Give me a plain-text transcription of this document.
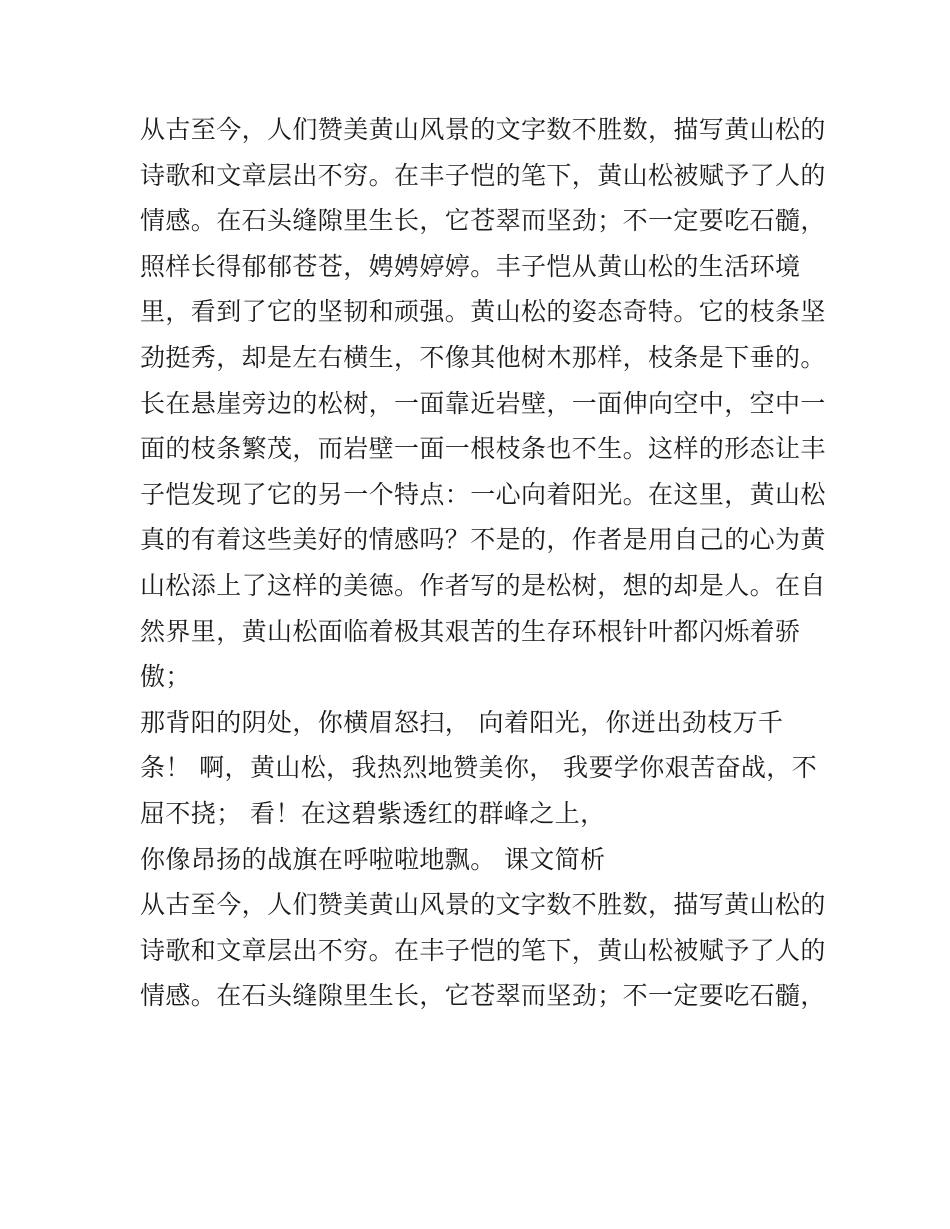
从古至今，人们赞美黄山风景的文字数不胜数，描写黄山松的
诗歌和文章层出不穷。在丰子恺的笔下，黄山松被赋予了人的
情感。在石头缝隙里生长，它苍翠而坚劲；不一定要吃石髓，
照样长得郁郁苍苍，娉娉婷婷。丰子恺从黄山松的生活环境
里，看到了它的坚韧和顽强。黄山松的姿态奇特。它的枝条坚
劲挺秀，却是左右横生，不像其他树木那样，枝条是下垂的。
长在悬崖旁边的松树，一面靠近岩壁，一面伸向空中，空中一
面的枝条繁茂，而岩壁一面一根枝条也不生。这样的形态让丰
子恺发现了它的另一个特点：一心向着阳光。在这里，黄山松
真的有着这些美好的情感吗？不是的，作者是用自己的心为黄
山松添上了这样的美德。作者写的是松树，想的却是人。在自
然界里，黄山松面临着极其艰苦的生存环根针叶都闪烁着骄
傲；
那背阳的阴处，你横眉怒扫， 向着阳光，你迸出劲枝万千
条！ 啊，黄山松，我热烈地赞美你， 我要学你艰苦奋战，不
屈不挠； 看！在这碧紫透红的群峰之上，
你像昂扬的战旗在呼啦啦地飘。 课文简析
从古至今，人们赞美黄山风景的文字数不胜数，描写黄山松的
诗歌和文章层出不穷。在丰子恺的笔下，黄山松被赋予了人的
情感。在石头缝隙里生长，它苍翠而坚劲；不一定要吃石髓，
